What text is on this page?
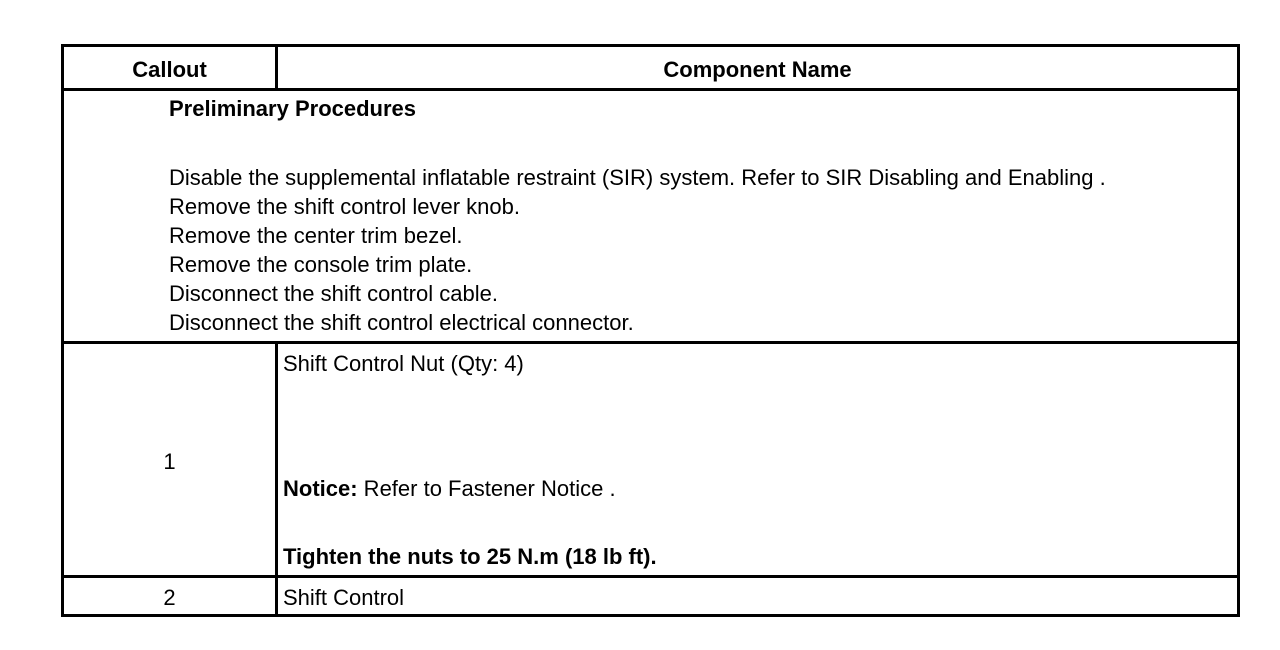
Callout	Component Name
Preliminary Procedures
Disable the supplemental inflatable restraint (SIR) system. Refer to SIR Disabling and Enabling .
Remove the shift control lever knob.
Remove the center trim bezel.
Remove the console trim plate.
Disconnect the shift control cable.
Disconnect the shift control electrical connector.
1
Shift Control Nut (Qty: 4)
Notice: Refer to Fastener Notice .
Tighten the nuts to 25 N.m (18 lb ft).
2	Shift Control
